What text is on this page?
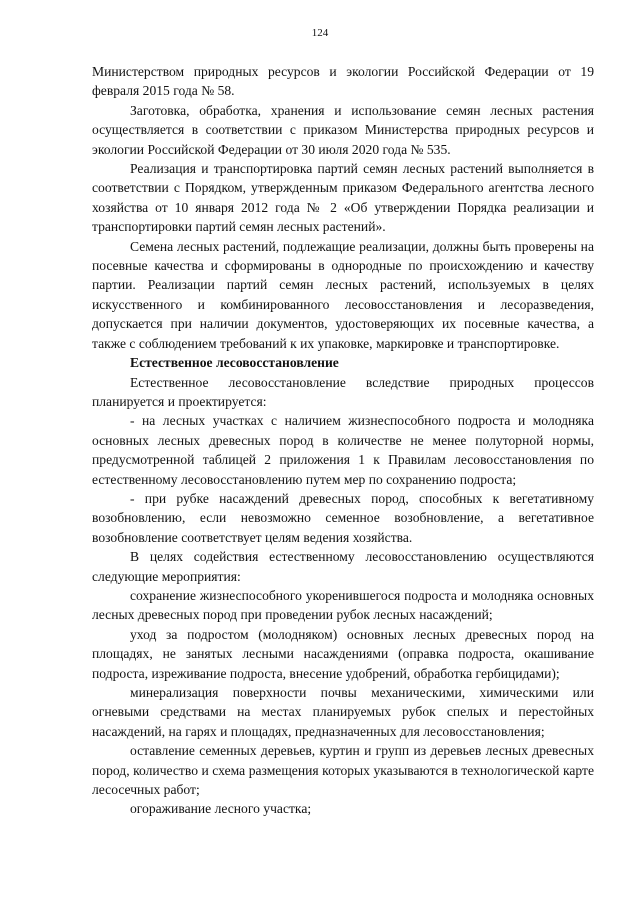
124

Министерством природных ресурсов и экологии Российской Федерации от 19 февраля 2015 года № 58.

Заготовка, обработка, хранения и использование семян лесных растения осуществляется в соответствии с приказом Министерства природных ресурсов и экологии Российской Федерации от 30 июля 2020 года № 535.

Реализация и транспортировка партий семян лесных растений выполняется в соответствии с Порядком, утвержденным приказом Федерального агентства лесного хозяйства от 10 января 2012 года № 2 «Об утверждении Порядка реализации и транспортировки партий семян лесных растений».

Семена лесных растений, подлежащие реализации, должны быть проверены на посевные качества и сформированы в однородные по происхождению и качеству партии. Реализации партий семян лесных растений, используемых в целях искусственного и комбинированного лесовосстановления и лесоразведения, допускается при наличии документов, удостоверяющих их посевные качества, а также с соблюдением требований к их упаковке, маркировке и транспортировке.

Естественное лесовосстановление

Естественное лесовосстановление вследствие природных процессов планируется и проектируется:

- на лесных участках с наличием жизнеспособного подроста и молодняка основных лесных древесных пород в количестве не менее полуторной нормы, предусмотренной таблицей 2 приложения 1 к Правилам лесовосстановления по естественному лесовосстановлению путем мер по сохранению подроста;

- при рубке насаждений древесных пород, способных к вегетативному возобновлению, если невозможно семенное возобновление, а вегетативное возобновление соответствует целям ведения хозяйства.

В целях содействия естественному лесовосстановлению осуществляются следующие мероприятия:

сохранение жизнеспособного укоренившегося подроста и молодняка основных лесных древесных пород при проведении рубок лесных насаждений;

уход за подростом (молодняком) основных лесных древесных пород на площадях, не занятых лесными насаждениями (оправка подроста, окашивание подроста, изреживание подроста, внесение удобрений, обработка гербицидами);

минерализация поверхности почвы механическими, химическими или огневыми средствами на местах планируемых рубок спелых и перестойных насаждений, на гарях и площадях, предназначенных для лесовосстановления;

оставление семенных деревьев, куртин и групп из деревьев лесных древесных пород, количество и схема размещения которых указываются в технологической карте лесосечных работ;

огораживание лесного участка;
